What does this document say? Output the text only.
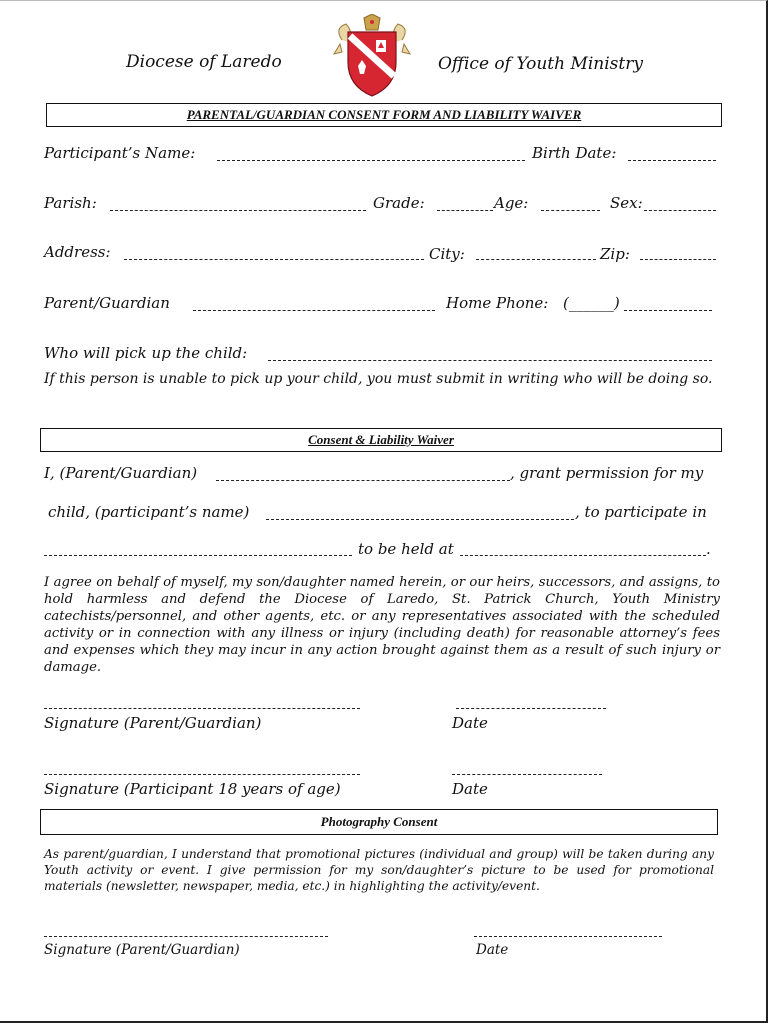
Diocese of Laredo	Office of Youth Ministry
PARENTAL/GUARDIAN CONSENT FORM AND LIABILITY WAIVER
Participant’s Name:	Birth Date:
Parish:	Grade:	Age:	Sex:
Address:	City:	Zip:
Parent/Guardian	Home Phone: (______)
Who will pick up the child:
If this person is unable to pick up your child, you must submit in writing who will be doing so.
Consent & Liability Waiver
I, (Parent/Guardian)	, grant permission for my
child, (participant’s name)	, to participate in
to be held at	.
I agree on behalf of myself, my son/daughter named herein, or our heirs, successors, and assigns, to hold harmless and defend the Diocese of Laredo, St. Patrick Church, Youth Ministry catechists/personnel, and other agents, etc. or any representatives associated with the scheduled activity or in connection with any illness or injury (including death) for reasonable attorney’s fees and expenses which they may incur in any action brought against them as a result of such injury or damage.
Signature (Parent/Guardian)	Date
Signature (Participant 18 years of age)	Date
Photography Consent
As parent/guardian, I understand that promotional pictures (individual and group) will be taken during any Youth activity or event. I give permission for my son/daughter’s picture to be used for promotional materials (newsletter, newspaper, media, etc.) in highlighting the activity/event.
Signature (Parent/Guardian)	Date
